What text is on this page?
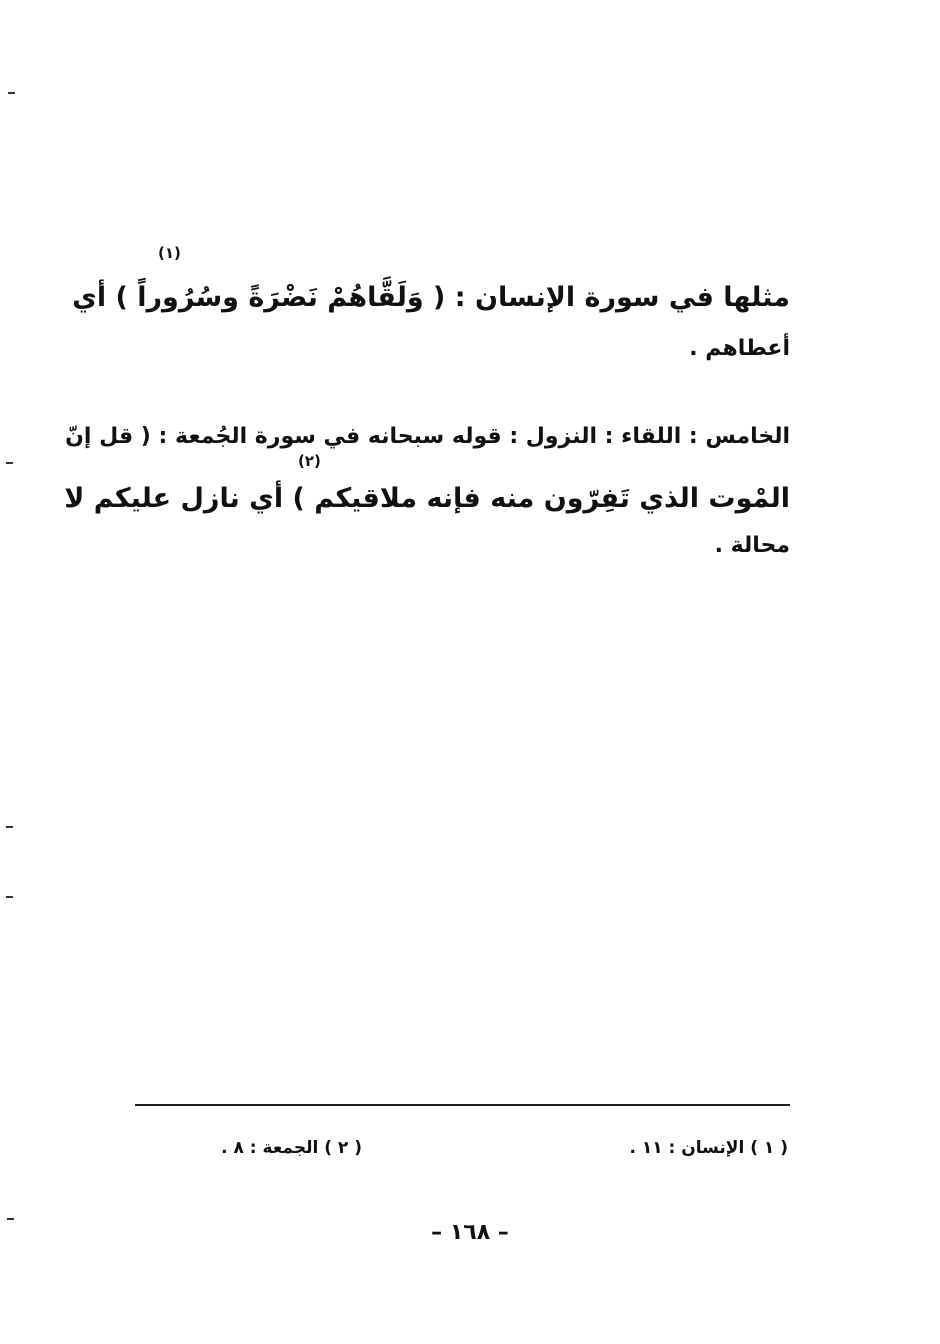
(١)
مثلها في سورة الإنسان : ( وَلَقَّاهُمْ نَضْرَةً وسُرُوراً ) أي
أعطاهم .
الخامس : اللقاء : النزول : قوله سبحانه في سورة الجُمعة : ( قل إنّ
(٢)
المْوت الذي تَفِرّون منه فإنه ملاقيكم ) أي نازل عليكم لا
محالة .
( ١ ) الإنسان : ١١ .
( ٢ ) الجمعة : ٨ .
– ١٦٨ –
